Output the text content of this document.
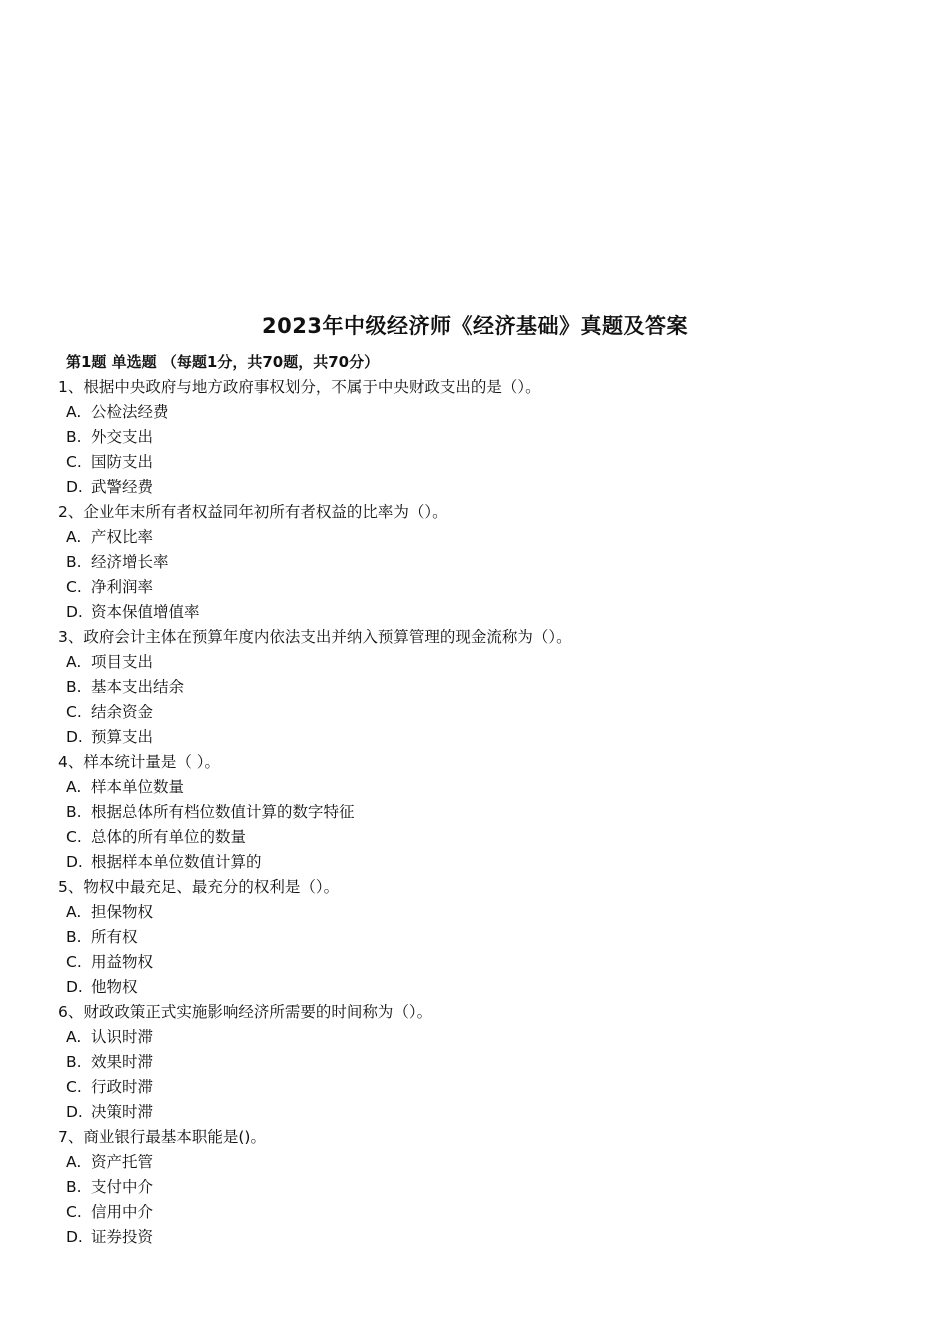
2023年中级经济师《经济基础》真题及答案
第1题 单选题 （每题1分，共70题，共70分）
1、根据中央政府与地方政府事权划分，不属于中央财政支出的是（）。
A. 公检法经费
B. 外交支出
C. 国防支出
D. 武警经费
2、企业年末所有者权益同年初所有者权益的比率为（）。
A. 产权比率
B. 经济增长率
C. 净利润率
D. 资本保值增值率
3、政府会计主体在预算年度内依法支出并纳入预算管理的现金流称为（）。
A. 项目支出
B. 基本支出结余
C. 结余资金
D. 预算支出
4、样本统计量是（ ）。
A. 样本单位数量
B. 根据总体所有档位数值计算的数字特征
C. 总体的所有单位的数量
D. 根据样本单位数值计算的
5、物权中最充足、最充分的权利是（）。
A. 担保物权
B. 所有权
C. 用益物权
D. 他物权
6、财政政策正式实施影响经济所需要的时间称为（）。
A. 认识时滞
B. 效果时滞
C. 行政时滞
D. 决策时滞
7、商业银行最基本职能是()。
A. 资产托管
B. 支付中介
C. 信用中介
D. 证券投资
